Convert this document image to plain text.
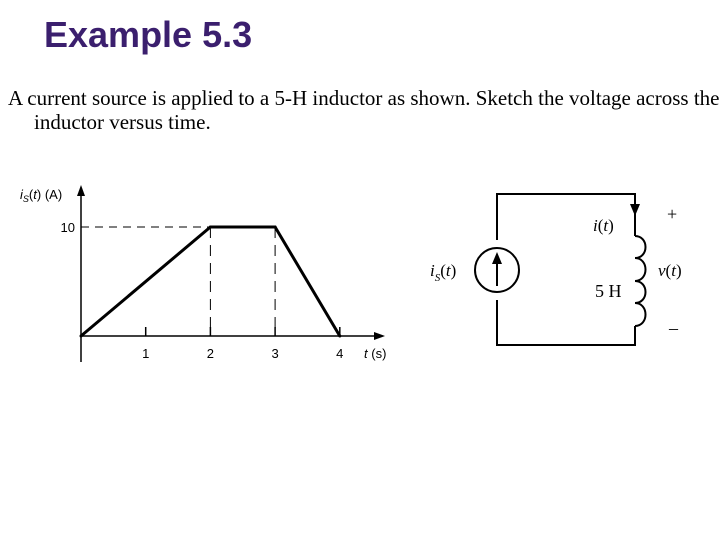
Example 5.3
A current source is applied to a 5-H inductor as shown. Sketch the voltage across the inductor versus time.
$i_S(t)$ (A)
t (s)
1	2	3	4
10
$i_S(t)$
i(t)
5 H
v(t)
+
–
